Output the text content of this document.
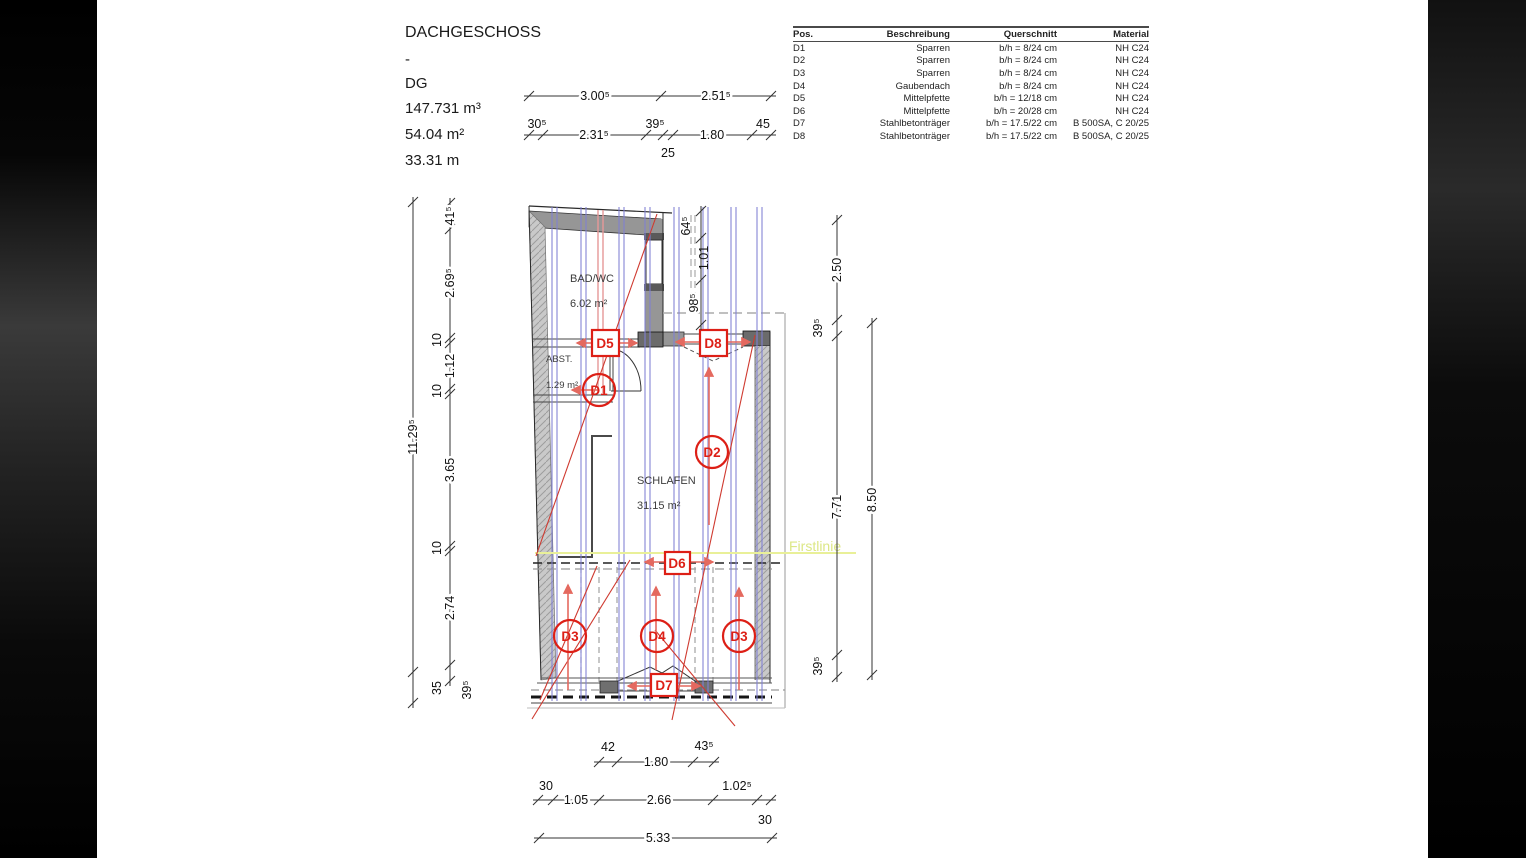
DACHGESCHOSS
-
DG
147.731 m³
54.04 m²
33.31 m
Pos.	Beschreibung	Querschnitt	Material
D1	Sparren	b/h = 8/24 cm	NH C24
D2	Sparren	b/h = 8/24 cm	NH C24
D3	Sparren	b/h = 8/24 cm	NH C24
D4	Gaubendach	b/h = 8/24 cm	NH C24
D5	Mittelpfette	b/h = 12/18 cm	NH C24
D6	Mittelpfette	b/h = 20/28 cm	NH C24
D7	Stahlbetonträger	b/h = 17.5/22 cm	B 500SA, C 20/25
D8	Stahlbetonträger	b/h = 17.5/22 cm	B 500SA, C 20/25
Firstlinie
BAD/WC
6.02 m²
ABST.
1.29 m²
SCHLAFEN
31.15 m²
D1
D2
D3	D4	D3
D5	D8
D6
D7
3.00⁵	2.51⁵
30⁵	39⁵	45
2.31⁵	1.80
25
42	43⁵
1.80
30
1.05	2.66
1.02⁵
30
5.33
11.29⁵
35
41⁵
2.69⁵
10
1.12
10
3.65
10
2.74
39⁵
2.50
39⁵
7.71
39⁵
8.50
64⁵
1.01
98⁵
